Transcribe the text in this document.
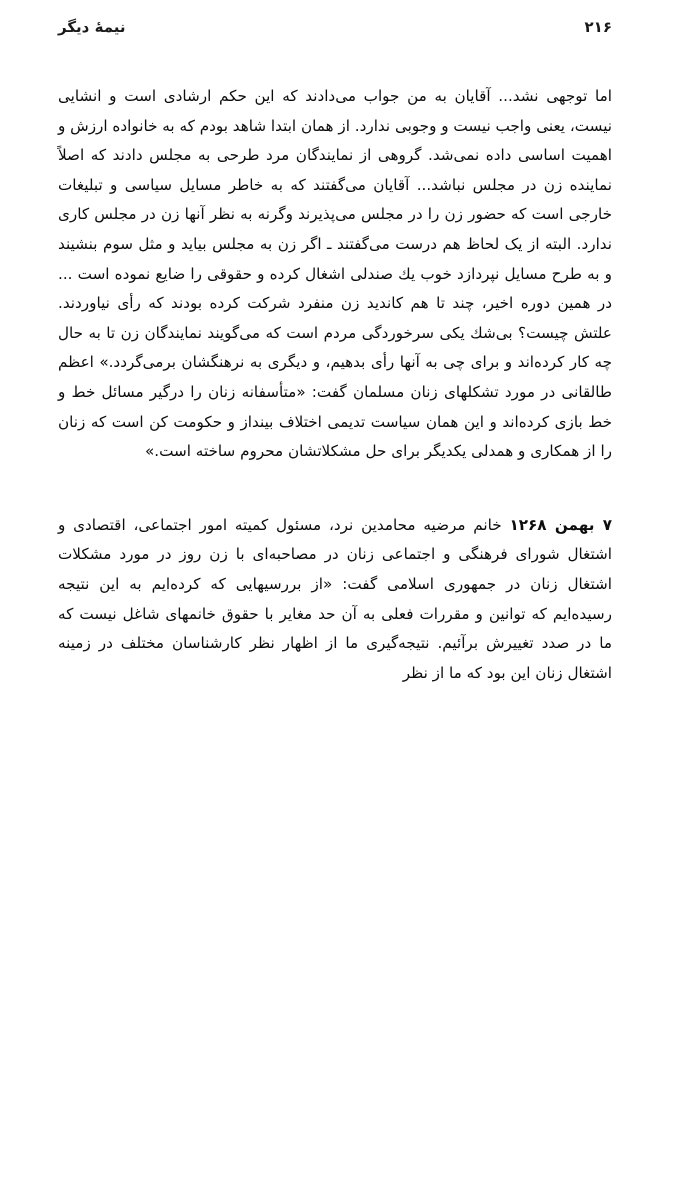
نیمهٔ دیگر	۲۱۶

اما توجهی نشد... آقایان به من جواب می‌دادند که این حکم ارشادی است و انشایی نیست، یعنی واجب نیست و وجوبی ندارد. از همان ابتدا شاهد بودم که به خانواده ارزش و اهمیت اساسی داده نمی‌شد. گروهی از نمایندگان مرد طرحی به مجلس دادند که اصلاً نماینده زن در مجلس نباشد... آقایان می‌گفتند که به خاطر مسایل سیاسی و تبلیغات خارجی است که حضور زن را در مجلس می‌پذیرند وگرنه به نظر آنها زن در مجلس کاری ندارد. البته از یک لحاظ هم درست می‌گفتند ـ اگر زن به مجلس بیاید و مثل سوم بنشیند و به طرح مسایل نپردازد خوب یك صندلی اشغال کرده و حقوقی را ضایع نموده است ... در همین دوره اخیر، چند تا هم کاندید زن منفرد شرکت کرده بودند که رأی نیاوردند. علتش چیست؟ بی‌شك یکی سرخوردگی مردم است که می‌گویند نمایندگان زن تا به حال چه کار کرده‌اند و برای چی به آنها رأی بدهیم، و دیگری به نرهنگشان برمی‌گردد.» اعظم طالقانی در مورد تشکلهای زنان مسلمان گفت: «متأسفانه زنان را درگیر مسائل خط و خط بازی کرده‌اند و این همان سیاست تدیمی اختلاف بینداز و حکومت کن است که زنان را از همکاری و همدلی یکدیگر برای حل مشکلاتشان محروم ساخته است.»

۷ بهمن ۱۲۶۸ خانم مرضیه محامدین نرد، مسئول کمیته امور اجتماعی، اقتصادی و اشتغال شورای فرهنگی و اجتماعی زنان در مصاحبه‌ای با زن روز در مورد مشکلات اشتغال زنان در جمهوری اسلامی گفت: «از بررسیهایی که کرده‌ایم به این نتیجه رسیده‌ایم که توانین و مقررات فعلی به آن حد مغایر با حقوق خانمهای شاغل نیست که ما در صدد تغییرش برآئیم. نتیجه‌گیری ما از اظهار نظر کارشناسان مختلف در زمینه اشتغال زنان این بود که ما از نظر
